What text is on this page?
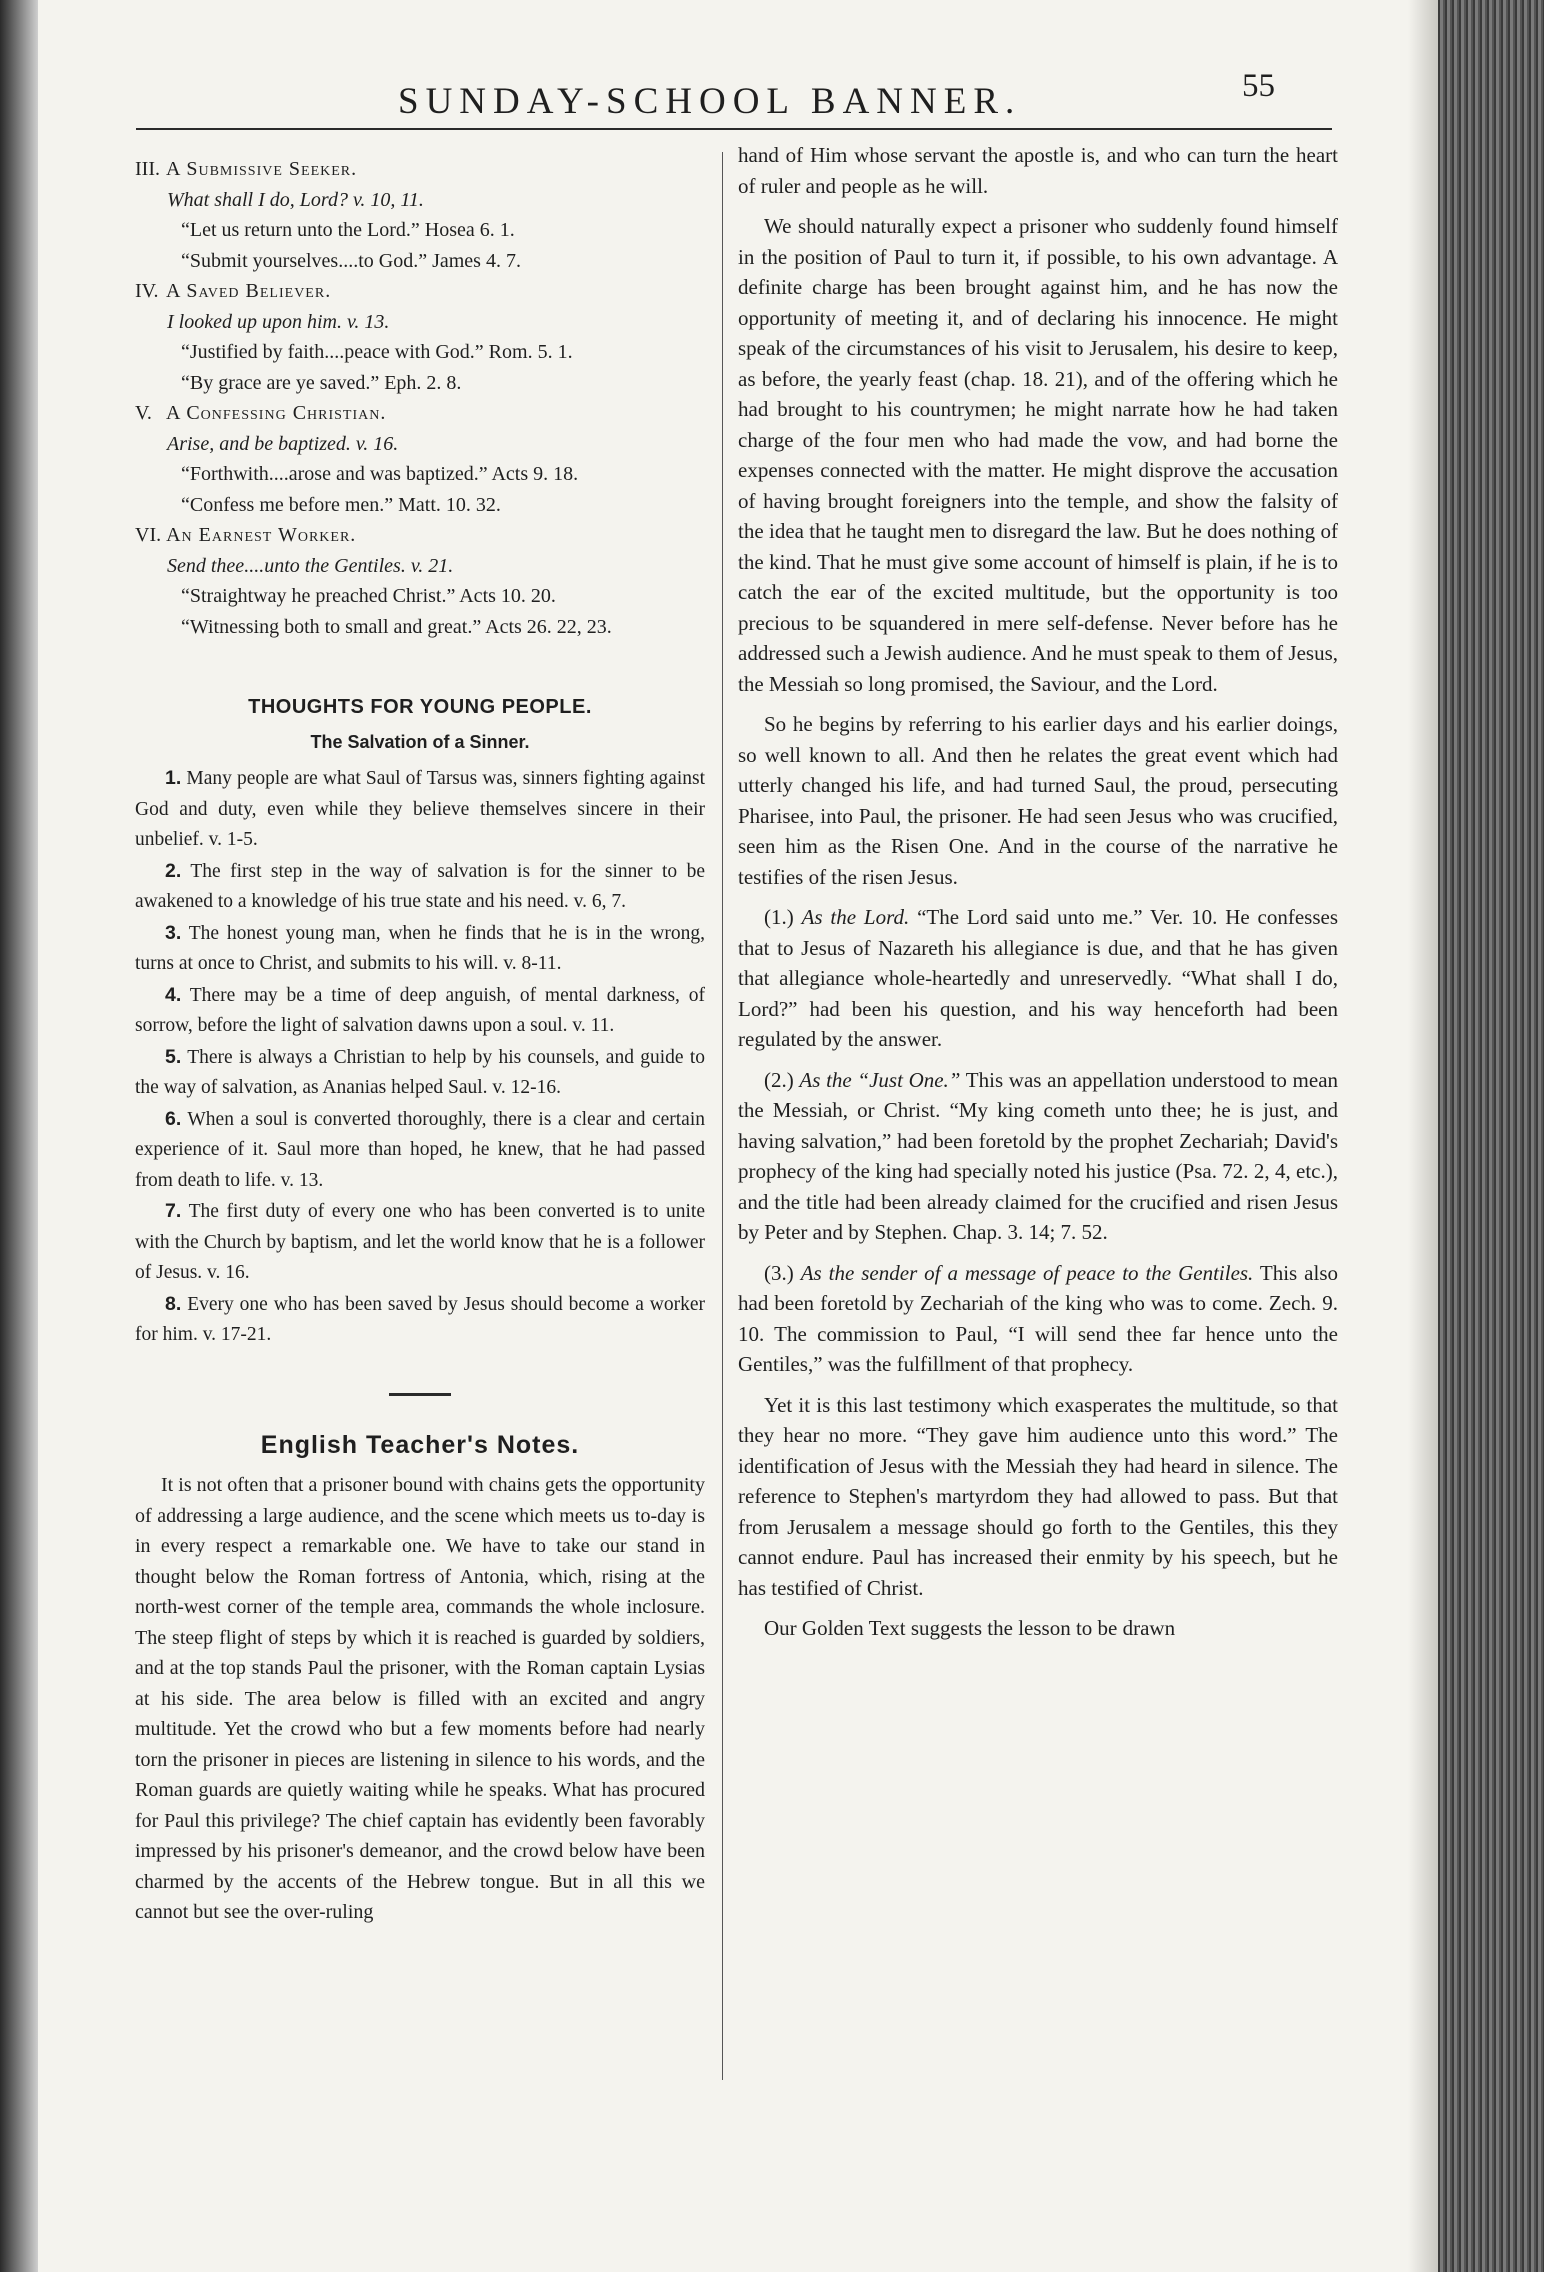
SUNDAY-SCHOOL BANNER.	55

III. A Submissive Seeker.

What shall I do, Lord? v. 10, 11.

“Let us return unto the Lord.” Hosea 6. 1.

“Submit yourselves....to God.” James 4. 7.

IV. A Saved Believer.

I looked up upon him. v. 13.

“Justified by faith....peace with God.” Rom. 5. 1.

“By grace are ye saved.” Eph. 2. 8.

V. A Confessing Christian.

Arise, and be baptized. v. 16.

“Forthwith....arose and was baptized.” Acts 9. 18.

“Confess me before men.” Matt. 10. 32.

VI. An Earnest Worker.

Send thee....unto the Gentiles. v. 21.

“Straightway he preached Christ.” Acts 10. 20.

“Witnessing both to small and great.” Acts 26. 22, 23.

THOUGHTS FOR YOUNG PEOPLE.
The Salvation of a Sinner.

1. Many people are what Saul of Tarsus was, sinners fighting against God and duty, even while they believe themselves sincere in their unbelief. v. 1-5.

2. The first step in the way of salvation is for the sinner to be awakened to a knowledge of his true state and his need. v. 6, 7.

3. The honest young man, when he finds that he is in the wrong, turns at once to Christ, and submits to his will. v. 8-11.

4. There may be a time of deep anguish, of mental darkness, of sorrow, before the light of salvation dawns upon a soul. v. 11.

5. There is always a Christian to help by his counsels, and guide to the way of salvation, as Ananias helped Saul. v. 12-16.

6. When a soul is converted thoroughly, there is a clear and certain experience of it. Saul more than hoped, he knew, that he had passed from death to life. v. 13.

7. The first duty of every one who has been converted is to unite with the Church by baptism, and let the world know that he is a follower of Jesus. v. 16.

8. Every one who has been saved by Jesus should become a worker for him. v. 17-21.

English Teacher's Notes.

It is not often that a prisoner bound with chains gets the opportunity of addressing a large audience, and the scene which meets us to-day is in every respect a remarkable one. We have to take our stand in thought below the Roman fortress of Antonia, which, rising at the north-west corner of the temple area, commands the whole inclosure. The steep flight of steps by which it is reached is guarded by soldiers, and at the top stands Paul the prisoner, with the Roman captain Lysias at his side. The area below is filled with an excited and angry multitude. Yet the crowd who but a few moments before had nearly torn the prisoner in pieces are listening in silence to his words, and the Roman guards are quietly waiting while he speaks. What has procured for Paul this privilege? The chief captain has evidently been favorably impressed by his prisoner's demeanor, and the crowd below have been charmed by the accents of the Hebrew tongue. But in all this we cannot but see the over-ruling

hand of Him whose servant the apostle is, and who can turn the heart of ruler and people as he will.

We should naturally expect a prisoner who suddenly found himself in the position of Paul to turn it, if possible, to his own advantage. A definite charge has been brought against him, and he has now the opportunity of meeting it, and of declaring his innocence. He might speak of the circumstances of his visit to Jerusalem, his desire to keep, as before, the yearly feast (chap. 18. 21), and of the offering which he had brought to his countrymen; he might narrate how he had taken charge of the four men who had made the vow, and had borne the expenses connected with the matter. He might disprove the accusation of having brought foreigners into the temple, and show the falsity of the idea that he taught men to disregard the law. But he does nothing of the kind. That he must give some account of himself is plain, if he is to catch the ear of the excited multitude, but the opportunity is too precious to be squandered in mere self-defense. Never before has he addressed such a Jewish audience. And he must speak to them of Jesus, the Messiah so long promised, the Saviour, and the Lord.

So he begins by referring to his earlier days and his earlier doings, so well known to all. And then he relates the great event which had utterly changed his life, and had turned Saul, the proud, persecuting Pharisee, into Paul, the prisoner. He had seen Jesus who was crucified, seen him as the Risen One. And in the course of the narrative he testifies of the risen Jesus.

(1.) As the Lord. “The Lord said unto me.” Ver. 10. He confesses that to Jesus of Nazareth his allegiance is due, and that he has given that allegiance whole-heartedly and unreservedly. “What shall I do, Lord?” had been his question, and his way henceforth had been regulated by the answer.

(2.) As the “Just One.” This was an appellation understood to mean the Messiah, or Christ. “My king cometh unto thee; he is just, and having salvation,” had been foretold by the prophet Zechariah; David's prophecy of the king had specially noted his justice (Psa. 72. 2, 4, etc.), and the title had been already claimed for the crucified and risen Jesus by Peter and by Stephen. Chap. 3. 14; 7. 52.

(3.) As the sender of a message of peace to the Gentiles. This also had been foretold by Zechariah of the king who was to come. Zech. 9. 10. The commission to Paul, “I will send thee far hence unto the Gentiles,” was the fulfillment of that prophecy.

Yet it is this last testimony which exasperates the multitude, so that they hear no more. “They gave him audience unto this word.” The identification of Jesus with the Messiah they had heard in silence. The reference to Stephen's martyrdom they had allowed to pass. But that from Jerusalem a message should go forth to the Gentiles, this they cannot endure. Paul has increased their enmity by his speech, but he has testified of Christ.

Our Golden Text suggests the lesson to be drawn
